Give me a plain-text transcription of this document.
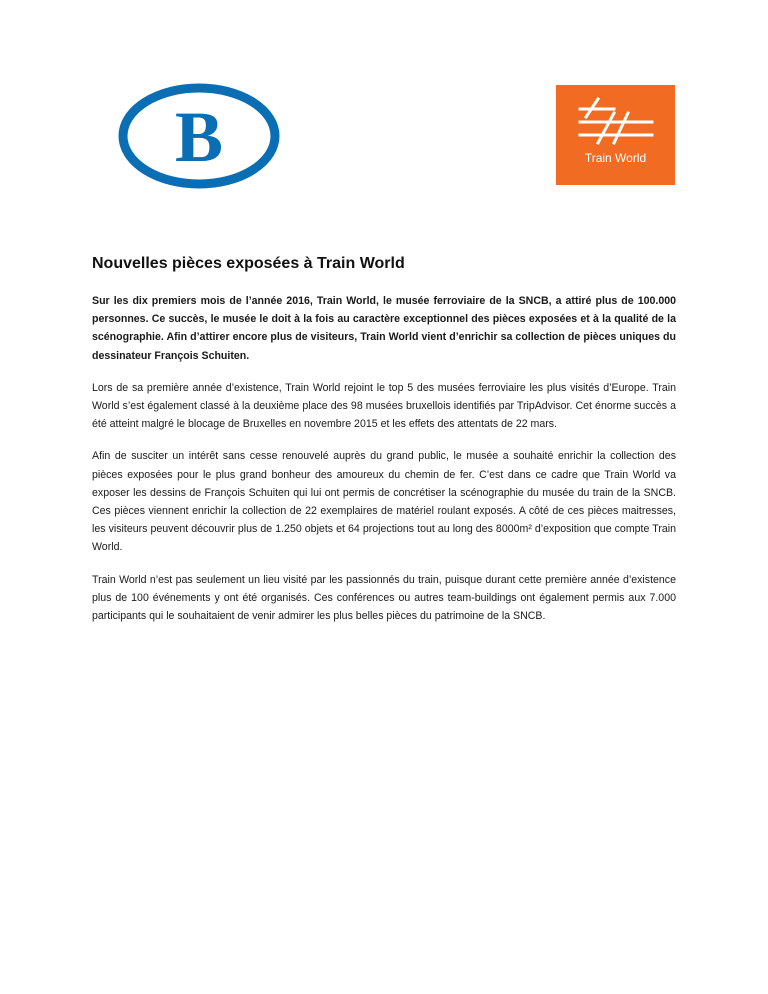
B	Train World
Nouvelles pièces exposées à Train World

Sur les dix premiers mois de l’année 2016, Train World, le musée ferroviaire de la SNCB, a attiré plus de 100.000 personnes. Ce succès, le musée le doit à la fois au caractère exceptionnel des pièces exposées et à la qualité de la scénographie. Afin d’attirer encore plus de visiteurs, Train World vient d’enrichir sa collection de pièces uniques du dessinateur François Schuiten.

Lors de sa première année d’existence, Train World rejoint le top 5 des musées ferroviaire les plus visités d’Europe. Train World s’est également classé à la deuxième place des 98 musées bruxellois identifiés par TripAdvisor. Cet énorme succès a été atteint malgré le blocage de Bruxelles en novembre 2015 et les effets des attentats de 22 mars.

Afin de susciter un intérêt sans cesse renouvelé auprès du grand public, le musée a souhaité enrichir la collection des pièces exposées pour le plus grand bonheur des amoureux du chemin de fer. C’est dans ce cadre que Train World va exposer les dessins de François Schuiten qui lui ont permis de concrétiser la scénographie du musée du train de la SNCB. Ces pièces viennent enrichir la collection de 22 exemplaires de matériel roulant exposés. A côté de ces pièces maitresses, les visiteurs peuvent découvrir plus de 1.250 objets et 64 projections tout au long des 8000m² d’exposition que compte Train World.

Train World n’est pas seulement un lieu visité par les passionnés du train, puisque durant cette première année d’existence plus de 100 événements y ont été organisés. Ces conférences ou autres team-buildings ont également permis aux 7.000 participants qui le souhaitaient de venir admirer les plus belles pièces du patrimoine de la SNCB.
